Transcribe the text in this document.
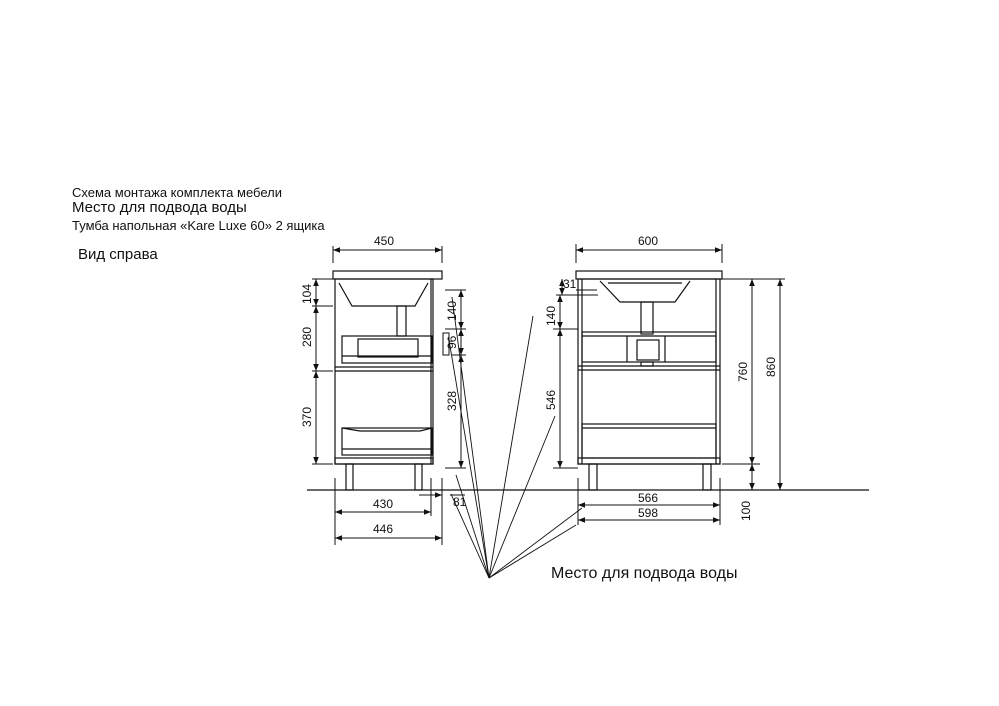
Схема монтажа комплекта мебели
Место для подвода воды
Тумба напольная «Kare Luxe 60» 2 ящика
Вид справа
Место для подвода воды
450
104
280
370
140
96
328
430	81
446
600
31
140
546
760 860
100
566
598
